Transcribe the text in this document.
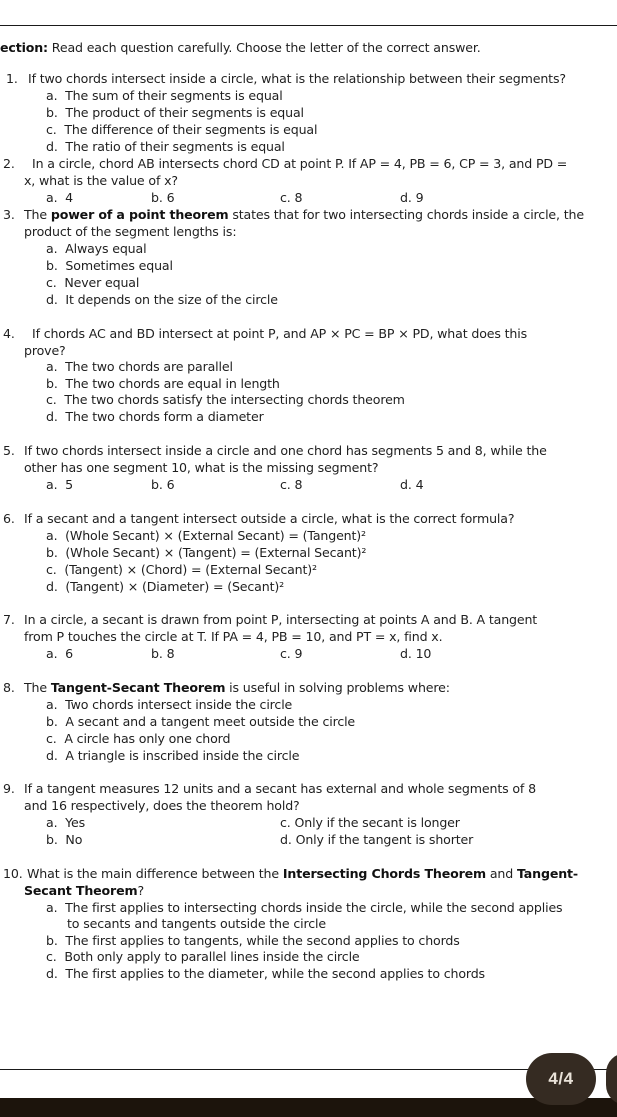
ection: Read each question carefully. Choose the letter of the correct answer.
1. If two chords intersect inside a circle, what is the relationship between their segments?
a. The sum of their segments is equal
b. The product of their segments is equal
c. The difference of their segments is equal
d. The ratio of their segments is equal
2. In a circle, chord AB intersects chord CD at point P. If AP = 4, PB = 6, CP = 3, and PD =
x, what is the value of x?
a. 4	b. 6	c. 8	d. 9
3. The power of a point theorem states that for two intersecting chords inside a circle, the
product of the segment lengths is:
a. Always equal
b. Sometimes equal
c. Never equal
d. It depends on the size of the circle
4. If chords AC and BD intersect at point P, and AP × PC = BP × PD, what does this
prove?
a. The two chords are parallel
b. The two chords are equal in length
c. The two chords satisfy the intersecting chords theorem
d. The two chords form a diameter
5. If two chords intersect inside a circle and one chord has segments 5 and 8, while the
other has one segment 10, what is the missing segment?
a. 5	b. 6	c. 8	d. 4
6. If a secant and a tangent intersect outside a circle, what is the correct formula?
a. (Whole Secant) × (External Secant) = (Tangent)²
b. (Whole Secant) × (Tangent) = (External Secant)²
c. (Tangent) × (Chord) = (External Secant)²
d. (Tangent) × (Diameter) = (Secant)²
7. In a circle, a secant is drawn from point P, intersecting at points A and B. A tangent
from P touches the circle at T. If PA = 4, PB = 10, and PT = x, find x.
a. 6	b. 8	c. 9	d. 10
8. The Tangent-Secant Theorem is useful in solving problems where:
a. Two chords intersect inside the circle
b. A secant and a tangent meet outside the circle
c. A circle has only one chord
d. A triangle is inscribed inside the circle
9. If a tangent measures 12 units and a secant has external and whole segments of 8
and 16 respectively, does the theorem hold?
a. Yes
b. No
c. Only if the secant is longer
d. Only if the tangent is shorter
10. What is the main difference between the Intersecting Chords Theorem and Tangent-
Secant Theorem?
a. The first applies to intersecting chords inside the circle, while the second applies
to secants and tangents outside the circle
b. The first applies to tangents, while the second applies to chords
c. Both only apply to parallel lines inside the circle
d. The first applies to the diameter, while the second applies to chords
4/4
